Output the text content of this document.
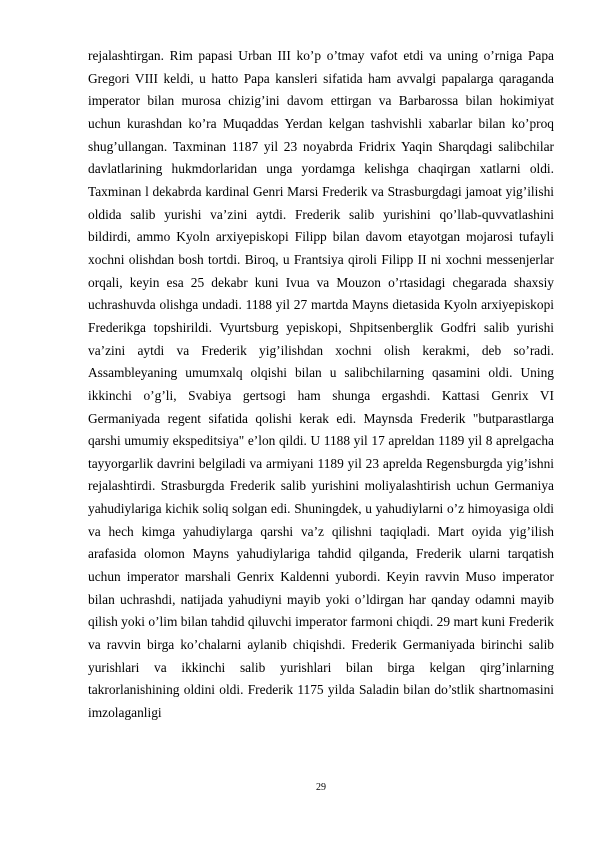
rejalashtirgan. Rim papasi Urban III ko’p o’tmay vafot etdi va uning o’rniga Papa Gregori VIII keldi, u hatto Papa kansleri sifatida ham avvalgi papalarga qaraganda imperator bilan murosa chizig’ini davom ettirgan va Barbarossa bilan hokimiyat uchun kurashdan ko’ra Muqaddas Yerdan kelgan tashvishli xabarlar bilan ko’proq shug’ullangan. Taxminan 1187 yil 23 noyabrda Fridrix Yaqin Sharqdagi salibchilar davlatlarining hukmdorlaridan unga yordamga kelishga chaqirgan xatlarni oldi. Taxminan l dekabrda kardinal Genri Marsi Frederik va Strasburgdagi jamoat yig’ilishi oldida salib yurishi va’zini aytdi. Frederik salib yurishini qo’llab-quvvatlashini bildirdi, ammo Kyoln arxiyepiskopi Filipp bilan davom etayotgan mojarosi tufayli xochni olishdan bosh tortdi. Biroq, u Frantsiya qiroli Filipp II ni xochni messenjerlar orqali, keyin esa 25 dekabr kuni Ivua va Mouzon o’rtasidagi chegarada shaxsiy uchrashuvda olishga undadi. 1188 yil 27 martda Mayns dietasida Kyoln arxiyepiskopi Frederikga topshirildi. Vyurtsburg yepiskopi, Shpitsenberglik Godfri salib yurishi va’zini aytdi va Frederik yig’ilishdan xochni olish kerakmi, deb so’radi. Assambleyaning umumxalq olqishi bilan u salibchilarning qasamini oldi. Uning ikkinchi o’g’li, Svabiya gertsogi ham shunga ergashdi. Kattasi Genrix VI Germaniyada regent sifatida qolishi kerak edi. Maynsda Frederik "butparastlarga qarshi umumiy ekspeditsiya" e’lon qildi. U 1188 yil 17 apreldan 1189 yil 8 aprelgacha tayyorgarlik davrini belgiladi va armiyani 1189 yil 23 aprelda Regensburgda yig’ishni rejalashtirdi. Strasburgda Frederik salib yurishini moliyalashtirish uchun Germaniya yahudiylariga kichik soliq solgan edi. Shuningdek, u yahudiylarni o’z himoyasiga oldi va hech kimga yahudiylarga qarshi va’z qilishni taqiqladi. Mart oyida yig’ilish arafasida olomon Mayns yahudiylariga tahdid qilganda, Frederik ularni tarqatish uchun imperator marshali Genrix Kaldenni yubordi. Keyin ravvin Muso imperator bilan uchrashdi, natijada yahudiyni mayib yoki o’ldirgan har qanday odamni mayib qilish yoki o’lim bilan tahdid qiluvchi imperator farmoni chiqdi. 29 mart kuni Frederik va ravvin birga ko’chalarni aylanib chiqishdi. Frederik Germaniyada birinchi salib yurishlari va ikkinchi salib yurishlari bilan birga kelgan qirg’inlarning takrorlanishining oldini oldi. Frederik 1175 yilda Saladin bilan do’stlik shartnomasini imzolaganligi

29
